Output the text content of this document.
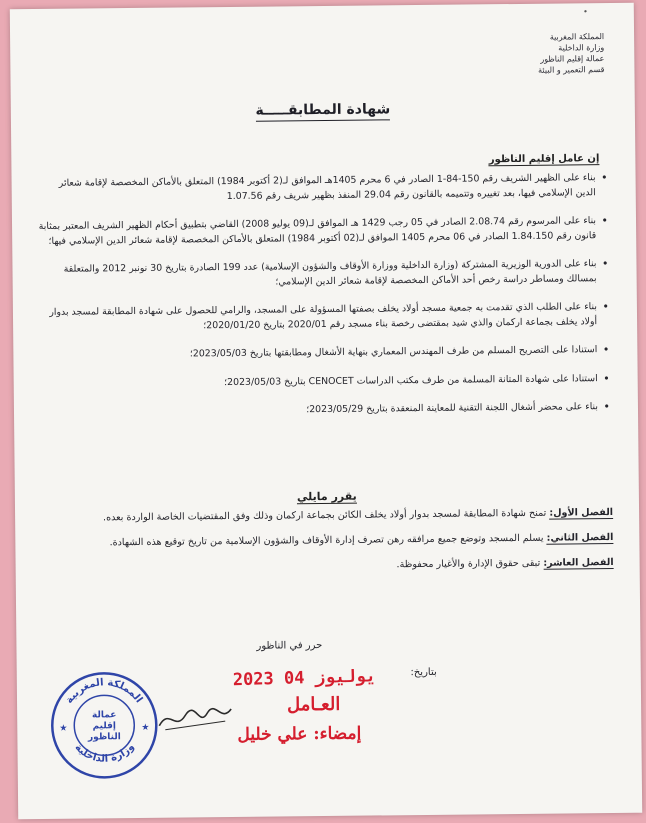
•
المملكة المغربية
وزارة الداخلية
عمالة إقليم الناظور
قسم التعمير و البيئة
شهادة المطابقـــــة
إن عامل إقليم الناظور
• بناء على الظهير الشريف رقم 150-84-1 الصادر في 6 محرم 1405هـ الموافق لـ(2 أكتوبر 1984) المتعلق بالأماكن المخصصة لإقامة شعائر الدين الإسلامي فيها، بعد تغييره وتتميمه بالقانون رقم 29.04 المنفذ بظهير شريف رقم 1.07.56
• بناء على المرسوم رقم 2.08.74 الصادر في 05 رجب 1429 هـ الموافق لـ(09 يوليو 2008) القاضي بتطبيق أحكام الظهير الشريف المعتبر بمثابة قانون رقم 1.84.150 الصادر في 06 محرم 1405 الموافق لـ(02 أكتوبر 1984) المتعلق بالأماكن المخصصة لإقامة شعائر الدين الإسلامي فيها؛
• بناء على الدورية الوزيرية المشتركة (وزارة الداخلية ووزارة الأوقاف والشؤون الإسلامية) عدد 199 الصادرة بتاريخ 30 نونبر 2012 والمتعلقة بمسالك ومساطر دراسة رخص أحد الأماكن المخصصة لإقامة شعائر الدين الإسلامي؛
• بناء على الطلب الذي تقدمت به جمعية مسجد أولاد يخلف بصفتها المسؤولة على المسجد، والرامي للحصول على شهادة المطابقة لمسجد بدوار أولاد يخلف بجماعة اركمان والذي شيد بمقتضى رخصة بناء مسجد رقم 2020/01 بتاريخ 2020/01/20؛
• استنادا على التصريح المسلم من طرف المهندس المعماري بنهاية الأشغال ومطابقتها بتاريخ 2023/05/03؛
• استنادا على شهادة المتانة المسلمة من طرف مكتب الدراسات CENOCET بتاريخ 2023/05/03؛
• بناء على محضر أشغال اللجنة التقنية للمعاينة المنعقدة بتاريخ 2023/05/29؛
يقرر مايلي
الفصل الأول: تمنح شهادة المطابقة لمسجد بدوار أولاد يخلف الكائن بجماعة اركمان وذلك وفق المقتضيات الخاصة الواردة بعده.
الفصل الثاني: يسلم المسجد وتوضع جميع مرافقه رهن تصرف إدارة الأوقاف والشؤون الإسلامية من تاريخ توقيع هذه الشهادة.
الفصل العاشر: تبقى حقوق الإدارة والأغيار محفوظة.
حرر في الناظور
بتاريخ:
2023 يوليوز 04
العـامل
إمضاء: علي خليل
المملكة المغربية
وزارة الداخلية
عمالة
إقليم
الناظور
★	★
